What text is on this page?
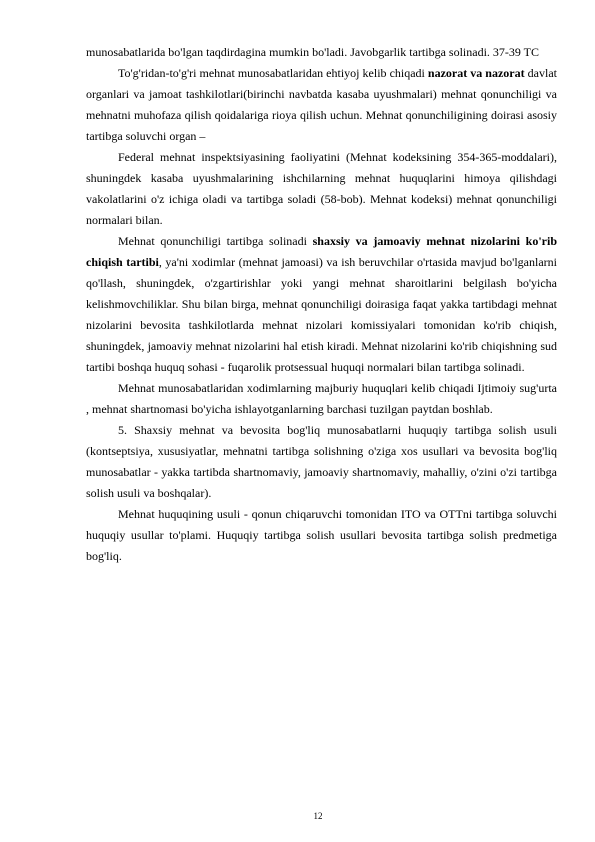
munosabatlarida bo'lgan taqdirdagina mumkin bo'ladi. Javobgarlik tartibga solinadi. 37-39 TC

To'g'ridan-to'g'ri mehnat munosabatlaridan ehtiyoj kelib chiqadi nazorat va nazorat davlat organlari va jamoat tashkilotlari(birinchi navbatda kasaba uyushmalari) mehnat qonunchiligi va mehnatni muhofaza qilish qoidalariga rioya qilish uchun. Mehnat qonunchiligining doirasi asosiy tartibga soluvchi organ –

Federal mehnat inspektsiyasining faoliyatini (Mehnat kodeksining 354-365-moddalari), shuningdek kasaba uyushmalarining ishchilarning mehnat huquqlarini himoya qilishdagi vakolatlarini o'z ichiga oladi va tartibga soladi (58-bob). Mehnat kodeksi) mehnat qonunchiligi normalari bilan.

Mehnat qonunchiligi tartibga solinadi shaxsiy va jamoaviy mehnat nizolarini ko'rib chiqish tartibi, ya'ni xodimlar (mehnat jamoasi) va ish beruvchilar o'rtasida mavjud bo'lganlarni qo'llash, shuningdek, o'zgartirishlar yoki yangi mehnat sharoitlarini belgilash bo'yicha kelishmovchiliklar. Shu bilan birga, mehnat qonunchiligi doirasiga faqat yakka tartibdagi mehnat nizolarini bevosita tashkilotlarda mehnat nizolari komissiyalari tomonidan ko'rib chiqish, shuningdek, jamoaviy mehnat nizolarini hal etish kiradi. Mehnat nizolarini ko'rib chiqishning sud tartibi boshqa huquq sohasi - fuqarolik protsessual huquqi normalari bilan tartibga solinadi.

Mehnat munosabatlaridan xodimlarning majburiy huquqlari kelib chiqadi Ijtimoiy sug'urta , mehnat shartnomasi bo'yicha ishlayotganlarning barchasi tuzilgan paytdan boshlab.

5. Shaxsiy mehnat va bevosita bog'liq munosabatlarni huquqiy tartibga solish usuli (kontseptsiya, xususiyatlar, mehnatni tartibga solishning o'ziga xos usullari va bevosita bog'liq munosabatlar - yakka tartibda shartnomaviy, jamoaviy shartnomaviy, mahalliy, o'zini o'zi tartibga solish usuli va boshqalar).

Mehnat huquqining usuli - qonun chiqaruvchi tomonidan ITO va OTTni tartibga soluvchi huquqiy usullar to'plami. Huquqiy tartibga solish usullari bevosita tartibga solish predmetiga bog'liq.

12
